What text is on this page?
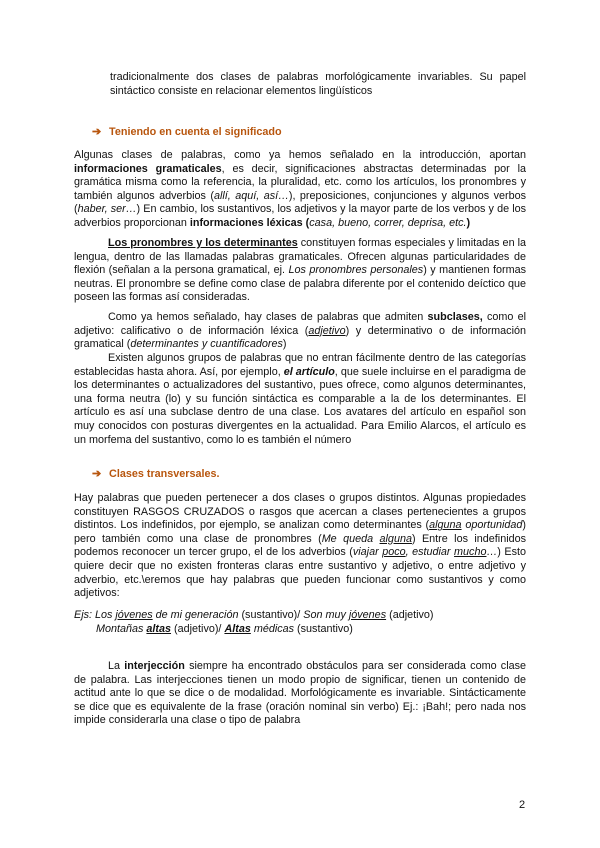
tradicionalmente dos clases de palabras morfológicamente invariables. Su papel sintáctico consiste en relacionar elementos lingüísticos
➔ Teniendo en cuenta el significado
Algunas clases de palabras, como ya hemos señalado en la introducción, aportan informaciones gramaticales, es decir, significaciones abstractas determinadas por la gramática misma como la referencia, la pluralidad, etc. como los artículos, los pronombres y también algunos adverbios (allí, aquí, así…), preposiciones, conjunciones y algunos verbos (haber, ser…) En cambio, los sustantivos, los adjetivos y la mayor parte de los verbos y de los adverbios proporcionan informaciones léxicas (casa, bueno, correr, deprisa, etc.)
Los pronombres y los determinantes constituyen formas especiales y limitadas en la lengua, dentro de las llamadas palabras gramaticales. Ofrecen algunas particularidades de flexión (señalan a la persona gramatical, ej. Los pronombres personales) y mantienen formas neutras. El pronombre se define como clase de palabra diferente por el contenido deíctico que poseen las formas así consideradas.
Como ya hemos señalado, hay clases de palabras que admiten subclases, como el adjetivo: calificativo o de información léxica (adjetivo) y determinativo o de información gramatical (determinantes y cuantificadores)
Existen algunos grupos de palabras que no entran fácilmente dentro de las categorías establecidas hasta ahora. Así, por ejemplo, el artículo, que suele incluirse en el paradigma de los determinantes o actualizadores del sustantivo, pues ofrece, como algunos determinantes, una forma neutra (lo) y su función sintáctica es comparable a la de los determinantes. El artículo es así una subclase dentro de una clase. Los avatares del artículo en español son muy conocidos con posturas divergentes en la actualidad. Para Emilio Alarcos, el artículo es un morfema del sustantivo, como lo es también el número
➔ Clases transversales.
Hay palabras que pueden pertenecer a dos clases o grupos distintos. Algunas propiedades constituyen RASGOS CRUZADOS o rasgos que acercan a clases pertenecientes a grupos distintos. Los indefinidos, por ejemplo, se analizan como determinantes (alguna oportunidad) pero también como una clase de pronombres (Me queda alguna) Entre los indefinidos podemos reconocer un tercer grupo, el de los adverbios (viajar poco, estudiar mucho…) Esto quiere decir que no existen fronteras claras entre sustantivo y adjetivo, o entre adjetivo y adverbio, etc.\eremos que hay palabras que pueden funcionar como sustantivos y como adjetivos:
Ejs: Los jóvenes de mi generación (sustantivo)/ Son muy jóvenes (adjetivo)
Montañas altas (adjetivo)/ Altas médicas (sustantivo)
La interjección siempre ha encontrado obstáculos para ser considerada como clase de palabra. Las interjecciones tienen un modo propio de significar, tienen un contenido de actitud ante lo que se dice o de modalidad. Morfológicamente es invariable. Sintácticamente se dice que es equivalente de la frase (oración nominal sin verbo) Ej.: ¡Bah!; pero nada nos impide considerarla una clase o tipo de palabra
2
